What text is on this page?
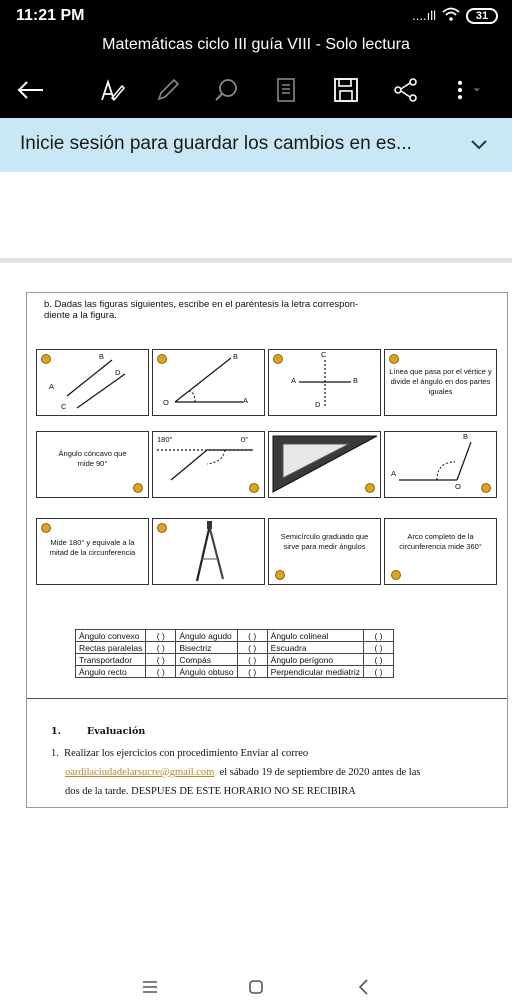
11:21 PM	....ıll	31
Matemáticas ciclo III guía VIII - Solo lectura
Inicie sesión para guardar los cambios en es...
b. Dadas las figuras siguientes, escribe en el paréntesis la letra correspon-
diente a la figura.
B
D
A
C
B
O	A
C
A	B
D
Línea que pasa por el vértice y divide el ángulo en dos partes iguales
Ángulo cóncavo que mide 90°
180°	0°	B
A
O
Mide 180° y equivale a la mitad de la circunferencia
Semicírculo graduado que sirve para medir ángulos
Arco completo de la circunferencia mide 360°
Ángulo convexo	( )	Ángulo agudo	( )	Ángulo colineal	( )
Rectas paralelas	( )	Bisectriz	( )	Escuadra	( )
Transportador	( )	Compás	( )	Ángulo perígono	( )
Ángulo recto	( )	Ángulo obtuso	( )	Perpendicular mediatriz	( )
1.	Evaluación
1. Realizar los ejercicios con procedimiento Enviar al correo
oardilaciudadelarsucre@gmail.com el sábado 19 de septiembre de 2020 antes de las
dos de la tarde. DESPUES DE ESTE HORARIO NO SE RECIBIRA
